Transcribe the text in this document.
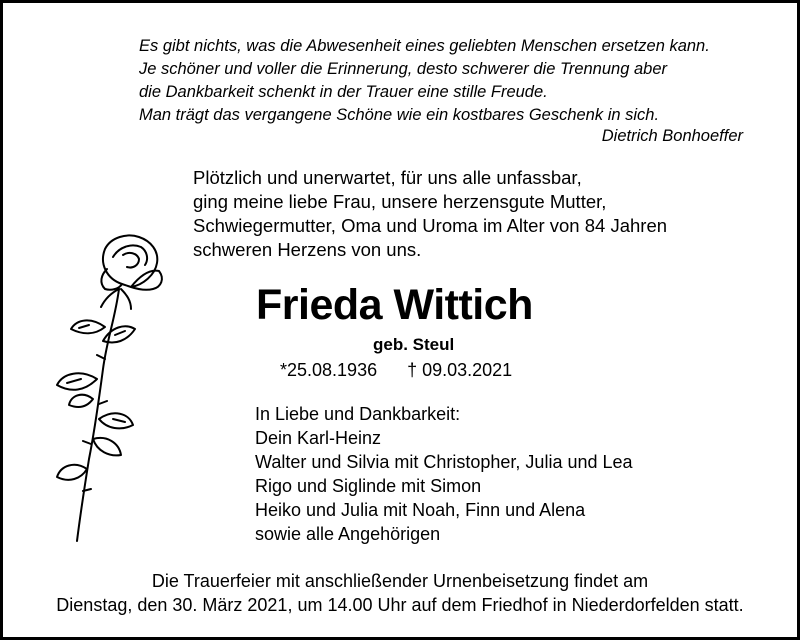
Es gibt nichts, was die Abwesenheit eines geliebten Menschen ersetzen kann.
Je schöner und voller die Erinnerung, desto schwerer die Trennung aber
die Dankbarkeit schenkt in der Trauer eine stille Freude.
Man trägt das vergangene Schöne wie ein kostbares Geschenk in sich.
Dietrich Bonhoeffer
Plötzlich und unerwartet, für uns alle unfassbar,
ging meine liebe Frau, unsere herzensgute Mutter,
Schwiegermutter, Oma und Uroma im Alter von 84 Jahren
schweren Herzens von uns.
Frieda Wittich
geb. Steul
*25.08.1936 † 09.03.2021
In Liebe und Dankbarkeit:
Dein Karl-Heinz
Walter und Silvia mit Christopher, Julia und Lea
Rigo und Siglinde mit Simon
Heiko und Julia mit Noah, Finn und Alena
sowie alle Angehörigen
Die Trauerfeier mit anschließender Urnenbeisetzung findet am
Dienstag, den 30. März 2021, um 14.00 Uhr auf dem Friedhof in Niederdorfelden statt.
